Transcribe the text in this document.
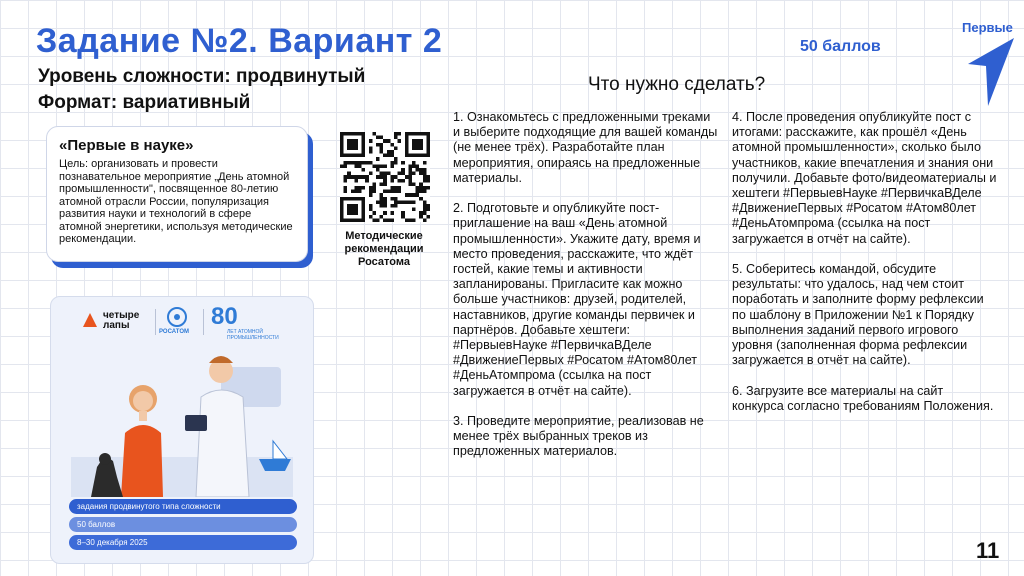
Задание №2. Вариант 2	50 баллов
Уровень сложности: продвинутый
Формат: вариативный
Первые
Что нужно сделать?
«Первые в науке»
Цель: организовать и провести познавательное мероприятие „День атомной промышленности", посвященное 80-летию атомной отрасли России, популяризация развития науки и технологий в сфере атомной энергетики, используя методические рекомендации.	Методические рекомендации Росатома
1. Ознакомьтесь с предложенными треками и выберите подходящие для вашей команды (не менее трёх). Разработайте план мероприятия, опираясь на предложенные материалы.

2. Подготовьте и опубликуйте пост-приглашение на ваш «День атомной промышленности». Укажите дату, время и место проведения, расскажите, что ждёт гостей, какие темы и активности запланированы. Пригласите как можно больше участников: друзей, родителей, наставников, другие команды первичек и партнёров. Добавьте хештеги: #ПервыевНауке #ПервичкаВДеле #ДвижениеПервых #Росатом #Атом80лет #ДеньАтомпрома (ссылка на пост загружается в отчёт на сайте).

3. Проведите мероприятие, реализовав не менее трёх выбранных треков из предложенных материалов.
4. После проведения опубликуйте пост с итогами: расскажите, как прошёл «День атомной промышленности», сколько было участников, какие впечатления и знания они получили. Добавьте фото/видеоматериалы и хештеги #ПервыевНауке #ПервичкаВДеле #ДвижениеПервых #Росатом #Атом80лет #ДеньАтомпрома (ссылка на пост загружается в отчёт на сайте).

5. Соберитесь командой, обсудите результаты: что удалось, над чем стоит поработать и заполните форму рефлексии по шаблону в Приложении №1 к Порядку выполнения заданий первого игрового уровня (заполненная форма рефлексии загружается в отчёт на сайте).

6. Загрузите все материалы на сайт конкурса согласно требованиям Положения.
четыре лапы
РОСАТОМ
80
ЛЕТ АТОМНОЙ ПРОМЫШЛЕННОСТИ
задания продвинутого типа сложности
50 баллов
8–30 декабря 2025	11
